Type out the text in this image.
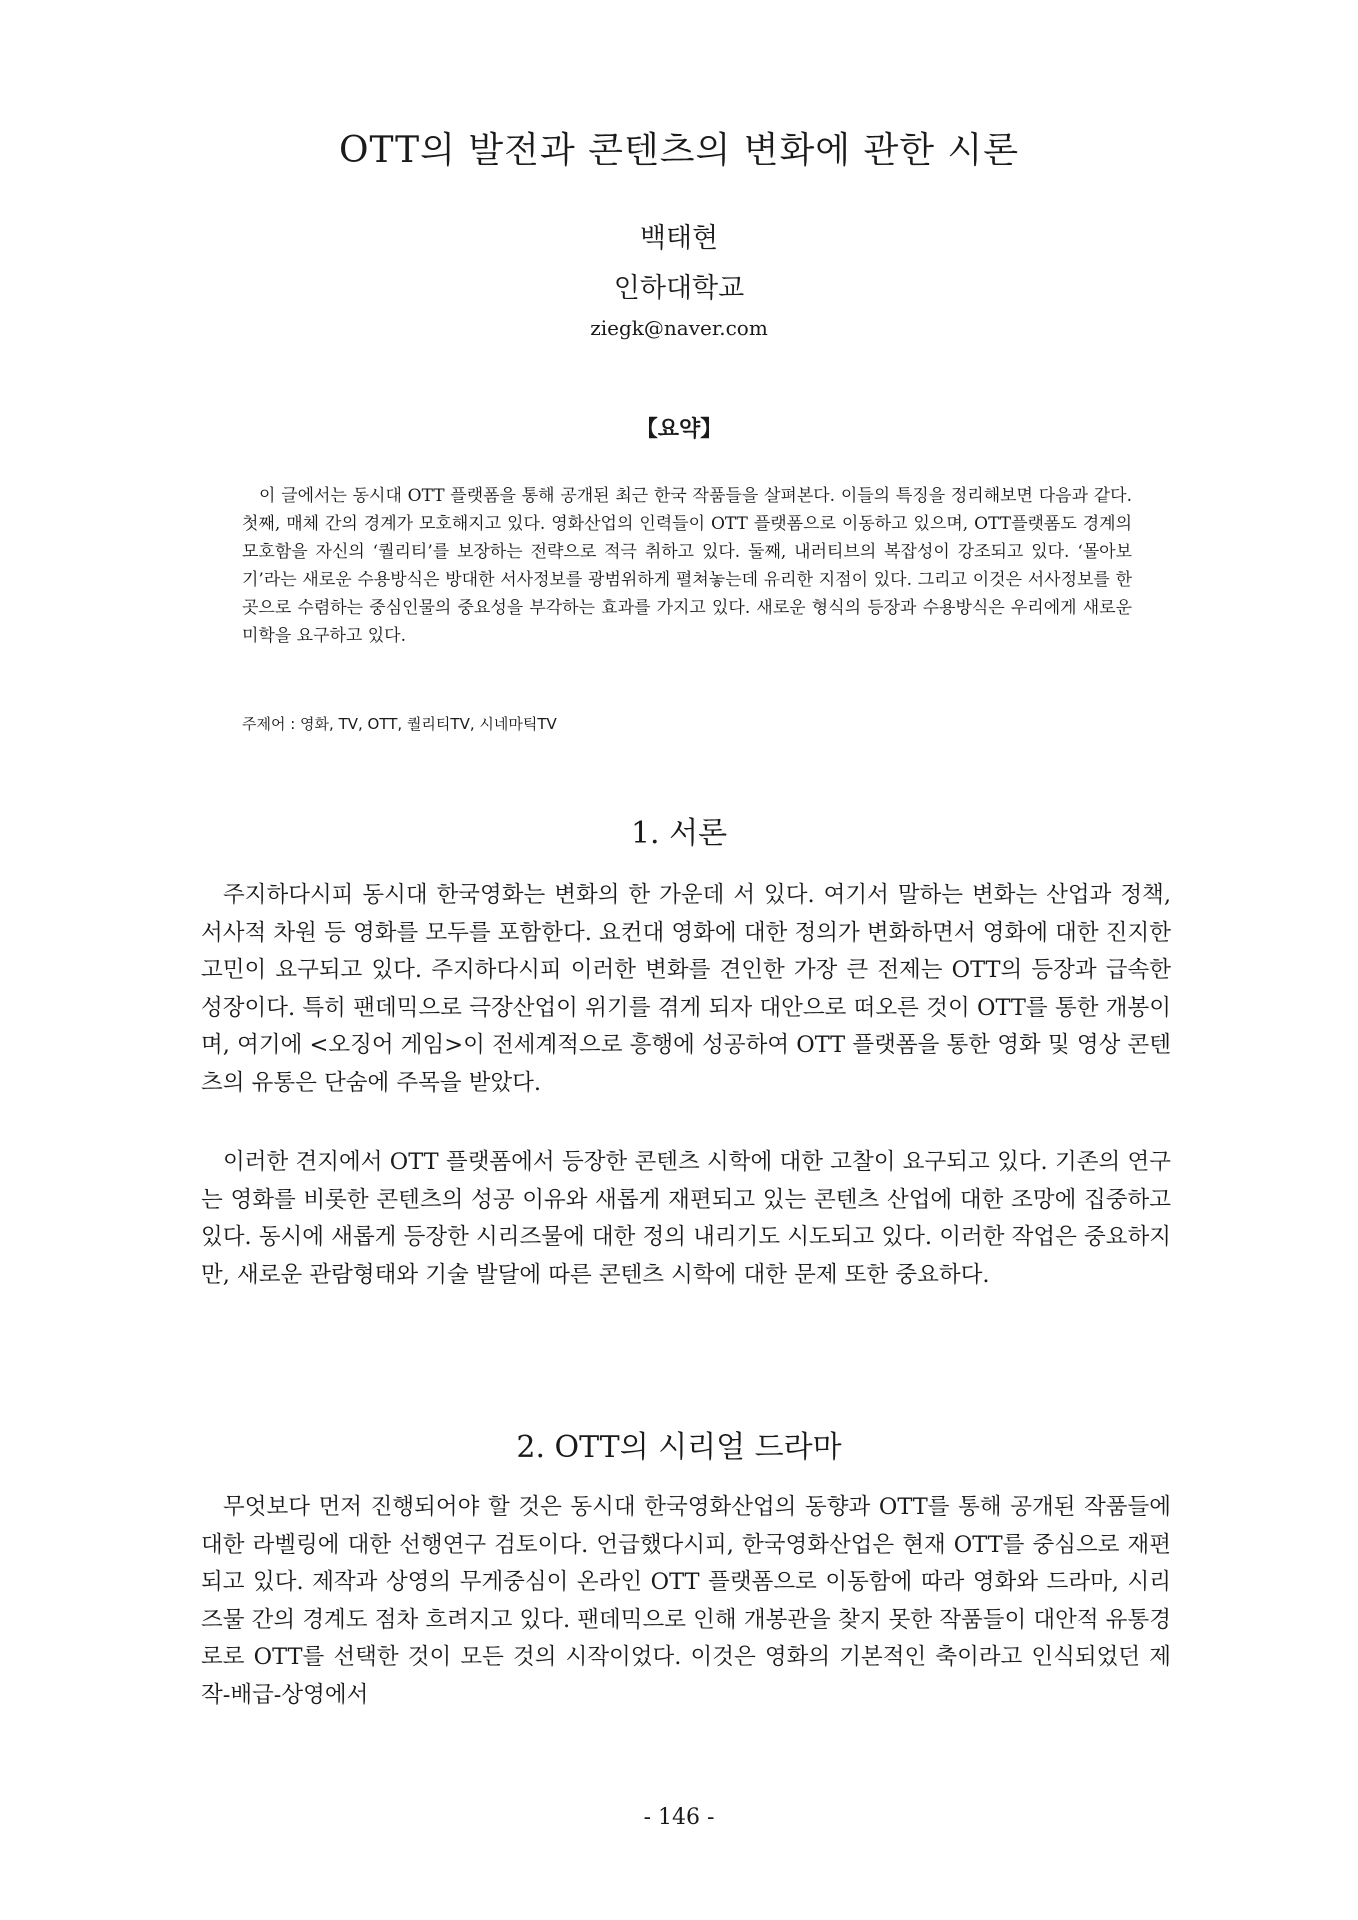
OTT의 발전과 콘텐츠의 변화에 관한 시론
백태현
인하대학교
ziegk@naver.com
【요약】

이 글에서는 동시대 OTT 플랫폼을 통해 공개된 최근 한국 작품들을 살펴본다. 이들의 특징을 정리해보면 다음과 같다. 첫째, 매체 간의 경계가 모호해지고 있다. 영화산업의 인력들이 OTT 플랫폼으로 이동하고 있으며, OTT플랫폼도 경계의 모호함을 자신의 ‘퀄리티’를 보장하는 전략으로 적극 취하고 있다. 둘째, 내러티브의 복잡성이 강조되고 있다. ‘몰아보기’라는 새로운 수용방식은 방대한 서사정보를 광범위하게 펼쳐놓는데 유리한 지점이 있다. 그리고 이것은 서사정보를 한 곳으로 수렴하는 중심인물의 중요성을 부각하는 효과를 가지고 있다. 새로운 형식의 등장과 수용방식은 우리에게 새로운 미학을 요구하고 있다.

주제어 : 영화, TV, OTT, 퀄리티TV, 시네마틱TV
1. 서론

주지하다시피 동시대 한국영화는 변화의 한 가운데 서 있다. 여기서 말하는 변화는 산업과 정책, 서사적 차원 등 영화를 모두를 포함한다. 요컨대 영화에 대한 정의가 변화하면서 영화에 대한 진지한 고민이 요구되고 있다. 주지하다시피 이러한 변화를 견인한 가장 큰 전제는 OTT의 등장과 급속한 성장이다. 특히 팬데믹으로 극장산업이 위기를 겪게 되자 대안으로 떠오른 것이 OTT를 통한 개봉이며, 여기에 <오징어 게임>이 전세계적으로 흥행에 성공하여 OTT 플랫폼을 통한 영화 및 영상 콘텐츠의 유통은 단숨에 주목을 받았다.

이러한 견지에서 OTT 플랫폼에서 등장한 콘텐츠 시학에 대한 고찰이 요구되고 있다. 기존의 연구는 영화를 비롯한 콘텐츠의 성공 이유와 새롭게 재편되고 있는 콘텐츠 산업에 대한 조망에 집중하고 있다. 동시에 새롭게 등장한 시리즈물에 대한 정의 내리기도 시도되고 있다. 이러한 작업은 중요하지만, 새로운 관람형태와 기술 발달에 따른 콘텐츠 시학에 대한 문제 또한 중요하다.

2. OTT의 시리얼 드라마

무엇보다 먼저 진행되어야 할 것은 동시대 한국영화산업의 동향과 OTT를 통해 공개된 작품들에 대한 라벨링에 대한 선행연구 검토이다. 언급했다시피, 한국영화산업은 현재 OTT를 중심으로 재편되고 있다. 제작과 상영의 무게중심이 온라인 OTT 플랫폼으로 이동함에 따라 영화와 드라마, 시리즈물 간의 경계도 점차 흐려지고 있다. 팬데믹으로 인해 개봉관을 찾지 못한 작품들이 대안적 유통경로로 OTT를 선택한 것이 모든 것의 시작이었다. 이것은 영화의 기본적인 축이라고 인식되었던 제작-배급-상영에서

- 146 -
